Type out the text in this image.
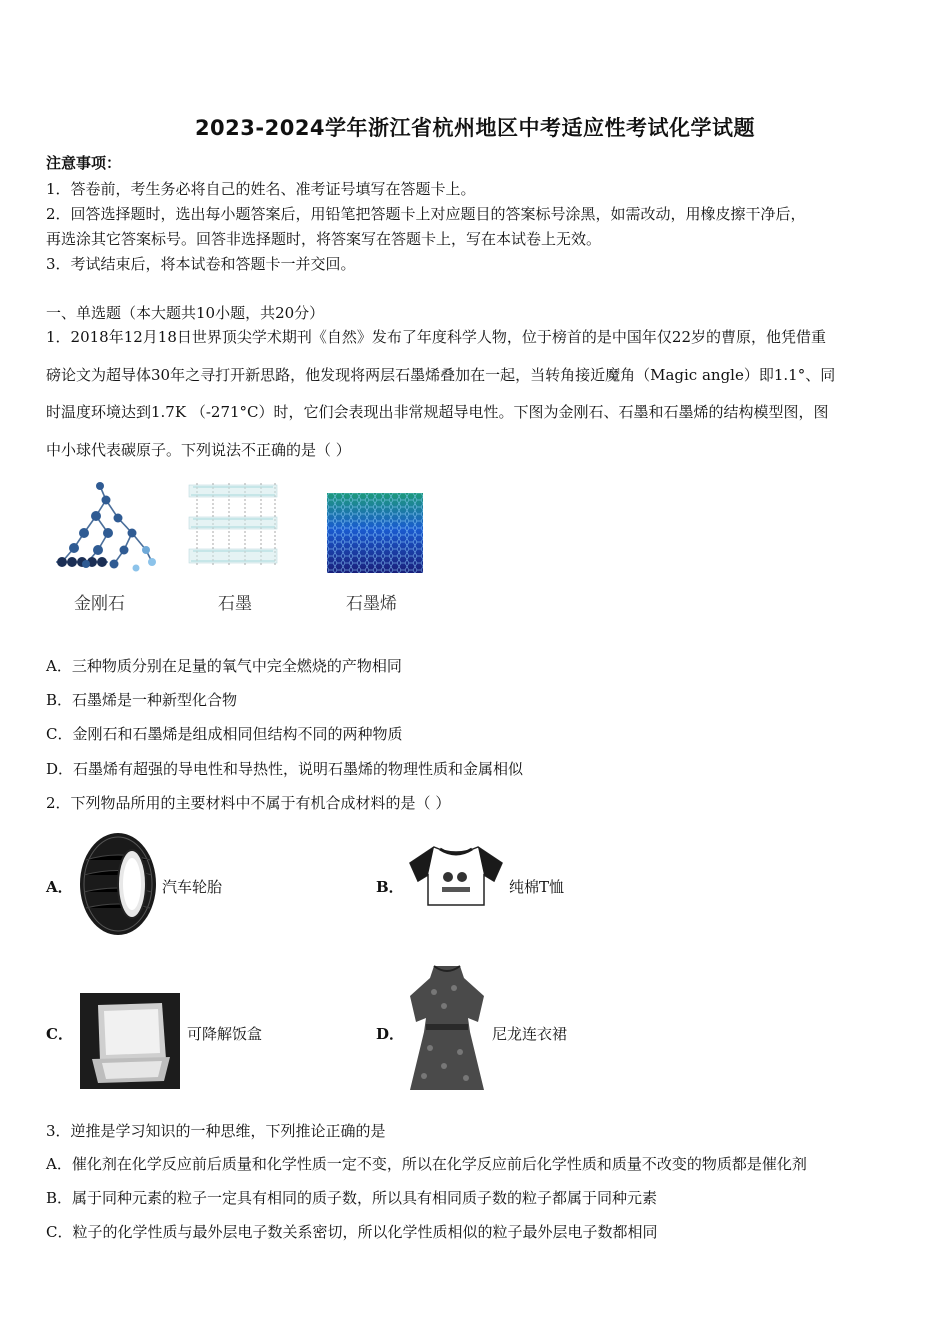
2023-2024学年浙江省杭州地区中考适应性考试化学试题
注意事项：
1．答卷前，考生务必将自己的姓名、准考证号填写在答题卡上。
2．回答选择题时，选出每小题答案后，用铅笔把答题卡上对应题目的答案标号涂黑，如需改动，用橡皮擦干净后，
再选涂其它答案标号。回答非选择题时，将答案写在答题卡上，写在本试卷上无效。
3．考试结束后，将本试卷和答题卡一并交回。
一、单选题（本大题共10小题，共20分）
1．2018年12月18日世界顶尖学术期刊《自然》发布了年度科学人物，位于榜首的是中国年仅22岁的曹原，他凭借重
磅论文为超导体30年之寻打开新思路，他发现将两层石墨烯叠加在一起，当转角接近魔角（Magic angle）即1.1°、同
时温度环境达到1.7K （-271°C）时，它们会表现出非常规超导电性。下图为金刚石、石墨和石墨烯的结构模型图，图
中小球代表碳原子。下列说法不正确的是（ ）
金刚石	石墨	石墨烯
A．三种物质分别在足量的氧气中完全燃烧的产物相同
B．石墨烯是一种新型化合物
C．金刚石和石墨烯是组成相同但结构不同的两种物质
D．石墨烯有超强的导电性和导热性，说明石墨烯的物理性质和金属相似
2．下列物品所用的主要材料中不属于有机合成材料的是（ ）
A．	汽车轮胎	B．	纯棉T恤
C．	可降解饭盒	D．	尼龙连衣裙
3．逆推是学习知识的一种思维，下列推论正确的是
A．催化剂在化学反应前后质量和化学性质一定不变，所以在化学反应前后化学性质和质量不改变的物质都是催化剂
B．属于同种元素的粒子一定具有相同的质子数，所以具有相同质子数的粒子都属于同种元素
C．粒子的化学性质与最外层电子数关系密切，所以化学性质相似的粒子最外层电子数都相同
